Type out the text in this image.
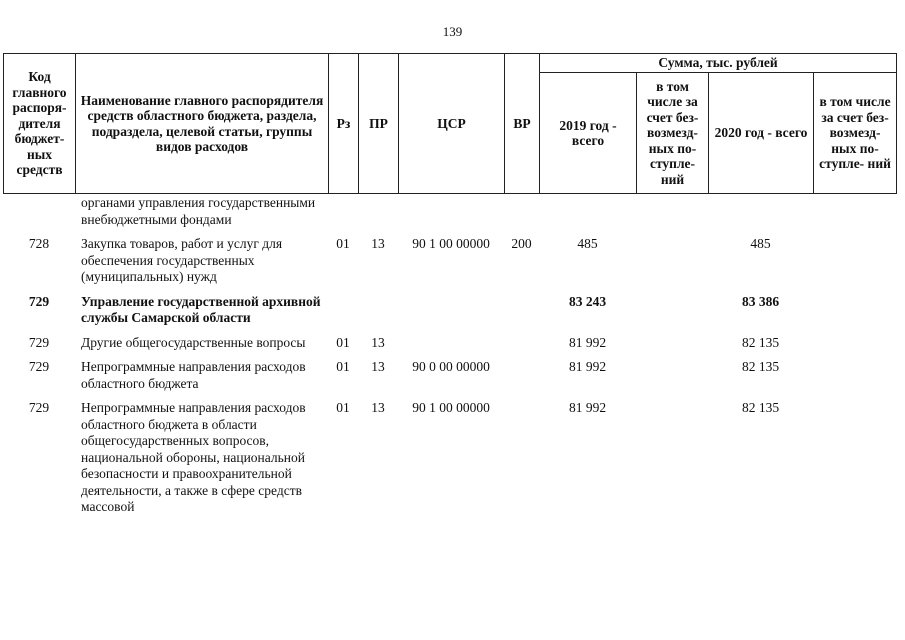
139
Код главного распоря- дителя бюджет- ных средств	Наименование главного распорядителя средств областного бюджета, раздела, подраздела, целевой статьи, группы видов расходов	Рз	ПР	ЦСР	ВР	Сумма, тыс. рублей			
						2019 год - всего	в том числе за счет без- возмезд- ных по- ступле- ний	2020 год - всего	в том числе за счет без- возмезд- ных по- ступле- ний
	органами управления государственными внебюджетными фондами								
728	Закупка товаров, работ и услуг для обеспечения государственных (муниципальных) нужд	01	13	90 1 00 00000	200	485		485	
729	Управление государственной архивной службы Самарской области					83 243		83 386	
729	Другие общегосударственные вопросы	01	13			81 992		82 135	
729	Непрограммные направления расходов областного бюджета	01	13	90 0 00 00000		81 992		82 135	
729	Непрограммные направления расходов областного бюджета в области общегосударственных вопросов, национальной обороны, национальной безопасности и правоохранительной деятельности, а также в сфере средств массовой	01	13	90 1 00 00000		81 992		82 135	
